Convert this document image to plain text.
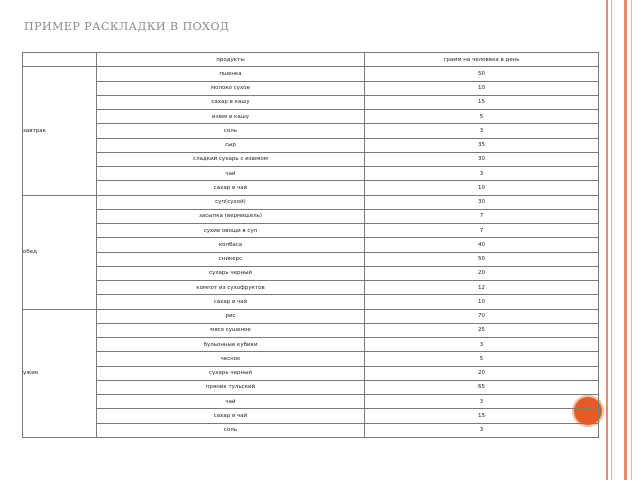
ПРИМЕР РАСКЛАДКИ В ПОХОД
	продукты	грамм на человека в день
завтрак	пшенка	50
	молоко сухое	10
	сахар в кашу	15
	изюм в кашу	5
	соль	3
	сыр	35
	сладкий сухарь с изюмом	30
	чай	3
	сахар в чай	10
обед	суп(сухой)	30
	засыпка (вермишель)	7
	сухие овощи в суп	7
	колбаса	40
	сникерс	50
	сухарь черный	20
	компот из сухофруктов	12
	сахар в чай	10
ужин	рис	70
	мясо сушеное	25
	бульонные кубики	3
	чеснок	5
	сухарь черный	20
	пряник тульский	65
	чай	3
	сахар в чай	15
	соль	3
